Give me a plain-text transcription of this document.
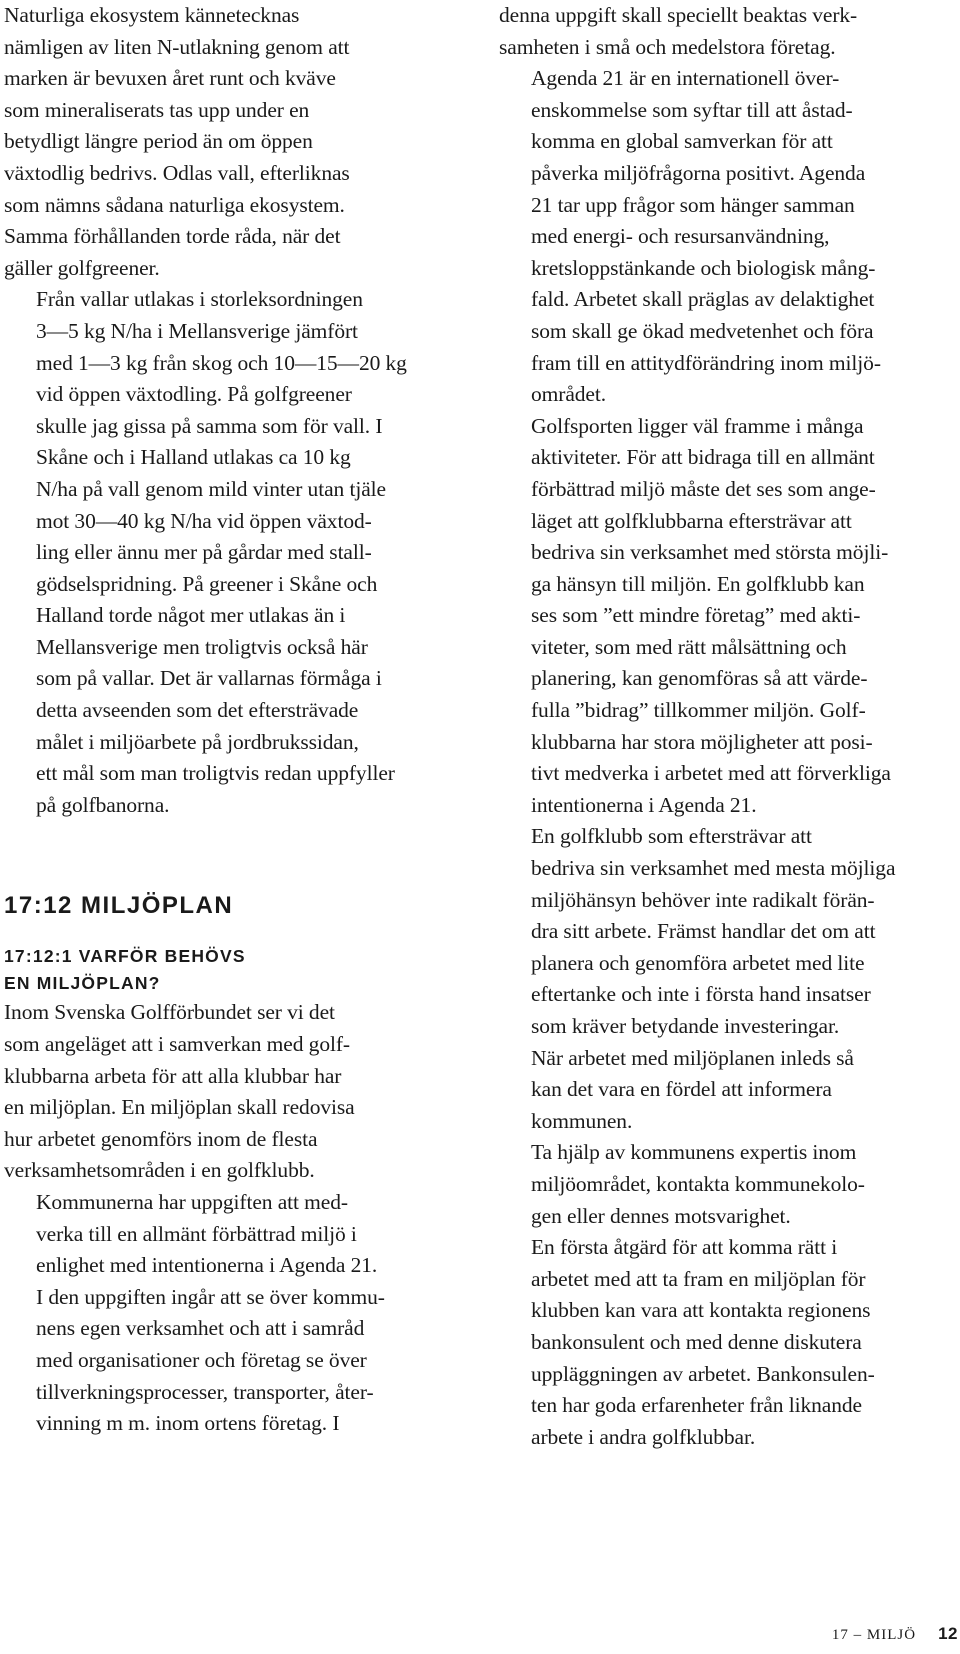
Naturliga ekosystem kännetecknas
nämligen av liten N-utlakning genom att
marken är bevuxen året runt och kväve
som mineraliserats tas upp under en
betydligt längre period än om öppen
växtodlig bedrivs. Odlas vall, efterliknas
som nämns sådana naturliga ekosystem.
Samma förhållanden torde råda, när det
gäller golfgreener.

Från vallar utlakas i storleksordningen
3—5 kg N/ha i Mellansverige jämfört
med 1—3 kg från skog och 10—15—20 kg
vid öppen växtodling. På golfgreener
skulle jag gissa på samma som för vall. I
Skåne och i Halland utlakas ca 10 kg
N/ha på vall genom mild vinter utan tjäle
mot 30—40 kg N/ha vid öppen växtod-
ling eller ännu mer på gårdar med stall-
gödselspridning. På greener i Skåne och
Halland torde något mer utlakas än i
Mellansverige men troligtvis också här
som på vallar. Det är vallarnas förmåga i
detta avseenden som det eftersträvade
målet i miljöarbete på jordbrukssidan,
ett mål som man troligtvis redan uppfyller
på golfbanorna.

17:12 MILJÖPLAN
17:12:1 VARFÖR BEHÖVS
EN MILJÖPLAN?

Inom Svenska Golfförbundet ser vi det
som angeläget att i samverkan med golf-
klubbarna arbeta för att alla klubbar har
en miljöplan. En miljöplan skall redovisa
hur arbetet genomförs inom de flesta
verksamhetsområden i en golfklubb.

Kommunerna har uppgiften att med-
verka till en allmänt förbättrad miljö i
enlighet med intentionerna i Agenda 21.
I den uppgiften ingår att se över kommu-
nens egen verksamhet och att i samråd
med organisationer och företag se över
tillverkningsprocesser, transporter, åter-
vinning m m. inom ortens företag. I

denna uppgift skall speciellt beaktas verk-
samheten i små och medelstora företag.

Agenda 21 är en internationell över-
enskommelse som syftar till att åstad-
komma en global samverkan för att
påverka miljöfrågorna positivt. Agenda
21 tar upp frågor som hänger samman
med energi- och resursanvändning,
kretsloppstänkande och biologisk mång-
fald. Arbetet skall präglas av delaktighet
som skall ge ökad medvetenhet och föra
fram till en attitydförändring inom miljö-
området.

Golfsporten ligger väl framme i många
aktiviteter. För att bidraga till en allmänt
förbättrad miljö måste det ses som ange-
läget att golfklubbarna eftersträvar att
bedriva sin verksamhet med största möjli-
ga hänsyn till miljön. En golfklubb kan
ses som ”ett mindre företag” med akti-
viteter, som med rätt målsättning och
planering, kan genomföras så att värde-
fulla ”bidrag” tillkommer miljön. Golf-
klubbarna har stora möjligheter att posi-
tivt medverka i arbetet med att förverkliga
intentionerna i Agenda 21.

En golfklubb som eftersträvar att
bedriva sin verksamhet med mesta möjliga
miljöhänsyn behöver inte radikalt förän-
dra sitt arbete. Främst handlar det om att
planera och genomföra arbetet med lite
eftertanke och inte i första hand insatser
som kräver betydande investeringar.

När arbetet med miljöplanen inleds så
kan det vara en fördel att informera
kommunen.

Ta hjälp av kommunens expertis inom
miljöområdet, kontakta kommunekolo-
gen eller dennes motsvarighet.

En första åtgärd för att komma rätt i
arbetet med att ta fram en miljöplan för
klubben kan vara att kontakta regionens
bankonsulent och med denne diskutera
uppläggningen av arbetet. Bankonsulen-
ten har goda erfarenheter från liknande
arbete i andra golfklubbar.

17 – MILJÖ 12
